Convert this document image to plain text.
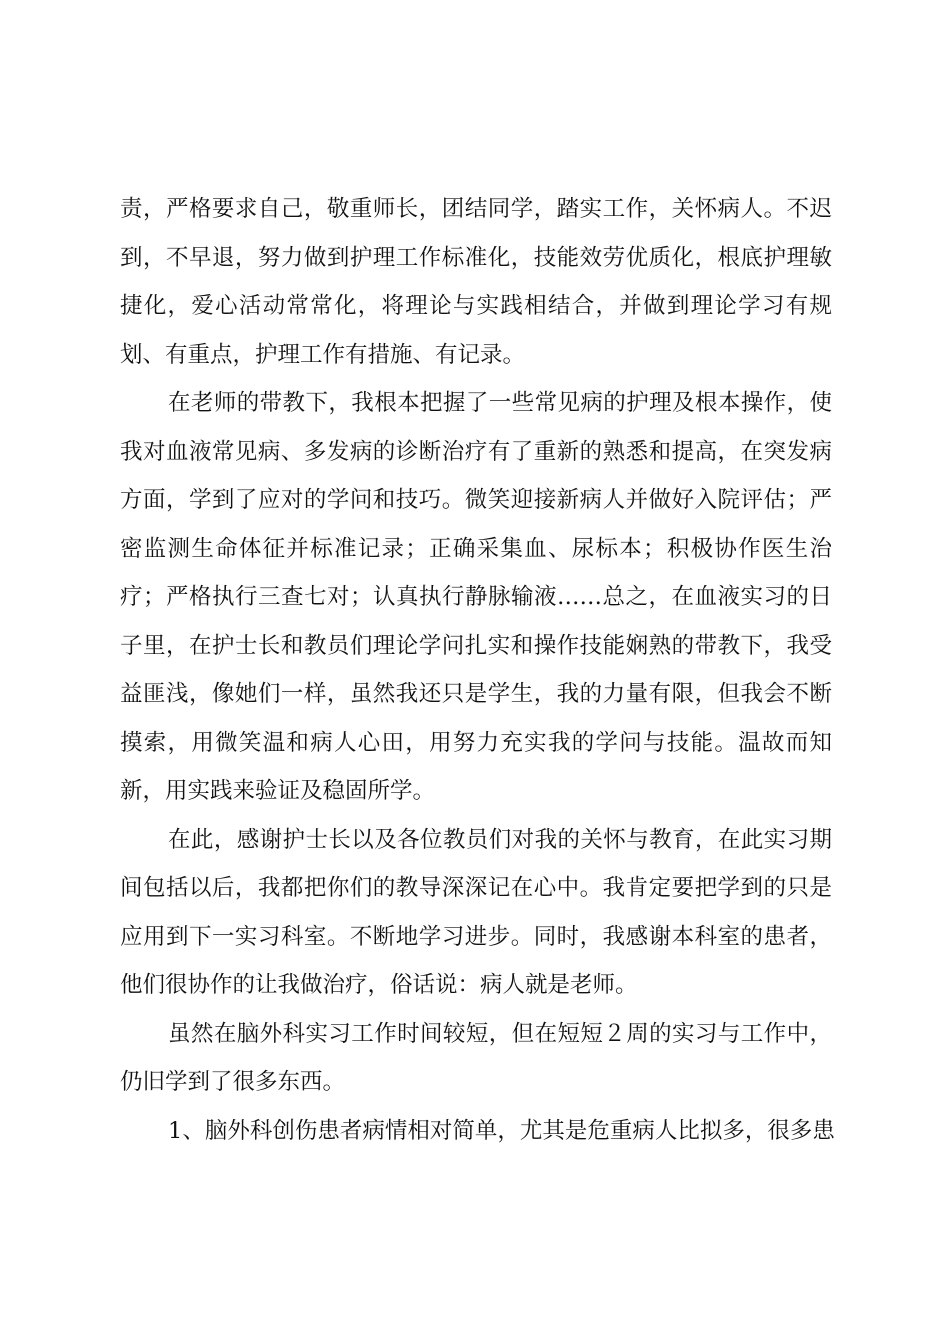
责，严格要求自己，敬重师长，团结同学，踏实工作，关怀病人。不迟
到，不早退，努力做到护理工作标准化，技能效劳优质化，根底护理敏
捷化，爱心活动常常化，将理论与实践相结合，并做到理论学习有规
划、有重点，护理工作有措施、有记录。
在老师的带教下，我根本把握了一些常见病的护理及根本操作，使
我对血液常见病、多发病的诊断治疗有了重新的熟悉和提高，在突发病
方面，学到了应对的学问和技巧。微笑迎接新病人并做好入院评估；严
密监测生命体征并标准记录；正确采集血、尿标本；积极协作医生治
疗；严格执行三查七对；认真执行静脉输液……总之，在血液实习的日
子里，在护士长和教员们理论学问扎实和操作技能娴熟的带教下，我受
益匪浅，像她们一样，虽然我还只是学生，我的力量有限，但我会不断
摸索，用微笑温和病人心田，用努力充实我的学问与技能。温故而知
新，用实践来验证及稳固所学。
在此，感谢护士长以及各位教员们对我的关怀与教育，在此实习期
间包括以后，我都把你们的教导深深记在心中。我肯定要把学到的只是
应用到下一实习科室。不断地学习进步。同时，我感谢本科室的患者，
他们很协作的让我做治疗，俗话说：病人就是老师。
虽然在脑外科实习工作时间较短，但在短短２周的实习与工作中，
仍旧学到了很多东西。
1、脑外科创伤患者病情相对简单，尤其是危重病人比拟多，很多患
